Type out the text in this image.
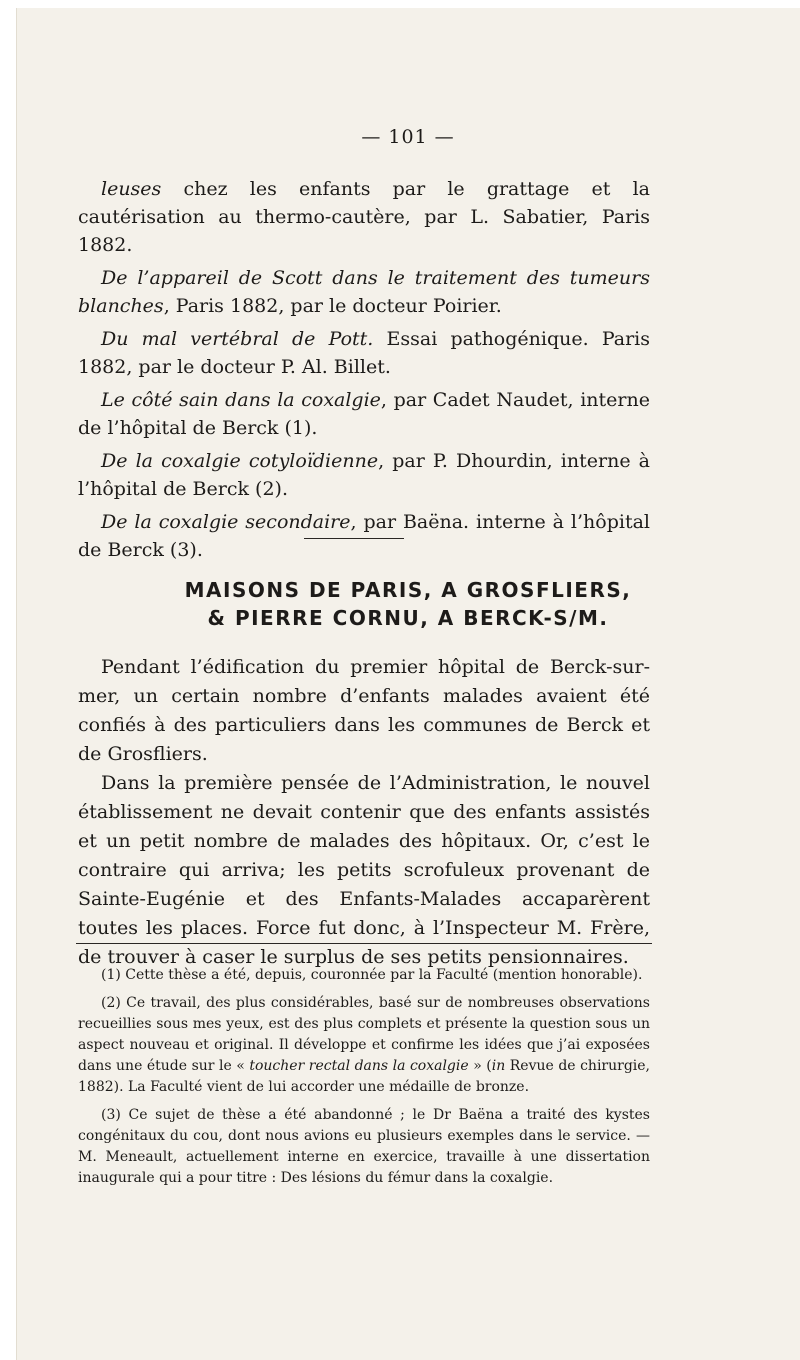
— 101 —

leuses chez les enfants par le grattage et la cautérisation au thermo-cautère, par L. Sabatier, Paris 1882.

De l’appareil de Scott dans le traitement des tumeurs blanches, Paris 1882, par le docteur Poirier.

Du mal vertébral de Pott. Essai pathogénique. Paris 1882, par le docteur P. Al. Billet.

Le côté sain dans la coxalgie, par Cadet Naudet, interne de l’hôpital de Berck (1).

De la coxalgie cotyloïdienne, par P. Dhourdin, interne à l’hôpital de Berck (2).

De la coxalgie secondaire, par Baëna. interne à l’hôpital de Berck (3).

MAISONS DE PARIS, A GROSFLIERS,
& PIERRE CORNU, A BERCK-S/M.

Pendant l’édification du premier hôpital de Berck-sur-mer, un certain nombre d’enfants malades avaient été confiés à des particuliers dans les communes de Berck et de Grosfliers.

Dans la première pensée de l’Administration, le nouvel établissement ne devait contenir que des enfants assistés et un petit nombre de malades des hôpitaux. Or, c’est le contraire qui arriva; les petits scrofuleux provenant de Sainte-Eugénie et des Enfants-Malades accaparèrent toutes les places. Force fut donc, à l’Inspecteur M. Frère, de trouver à caser le surplus de ses petits pensionnaires.

(1) Cette thèse a été, depuis, couronnée par la Faculté (mention honorable).

(2) Ce travail, des plus considérables, basé sur de nombreuses observations recueillies sous mes yeux, est des plus complets et présente la question sous un aspect nouveau et original. Il développe et confirme les idées que j’ai exposées dans une étude sur le « toucher rectal dans la coxalgie » (in Revue de chirurgie, 1882). La Faculté vient de lui accorder une médaille de bronze.

(3) Ce sujet de thèse a été abandonné ; le Dr Baëna a traité des kystes congénitaux du cou, dont nous avions eu plusieurs exemples dans le service. — M. Meneault, actuellement interne en exercice, travaille à une dissertation inaugurale qui a pour titre : Des lésions du fémur dans la coxalgie.
